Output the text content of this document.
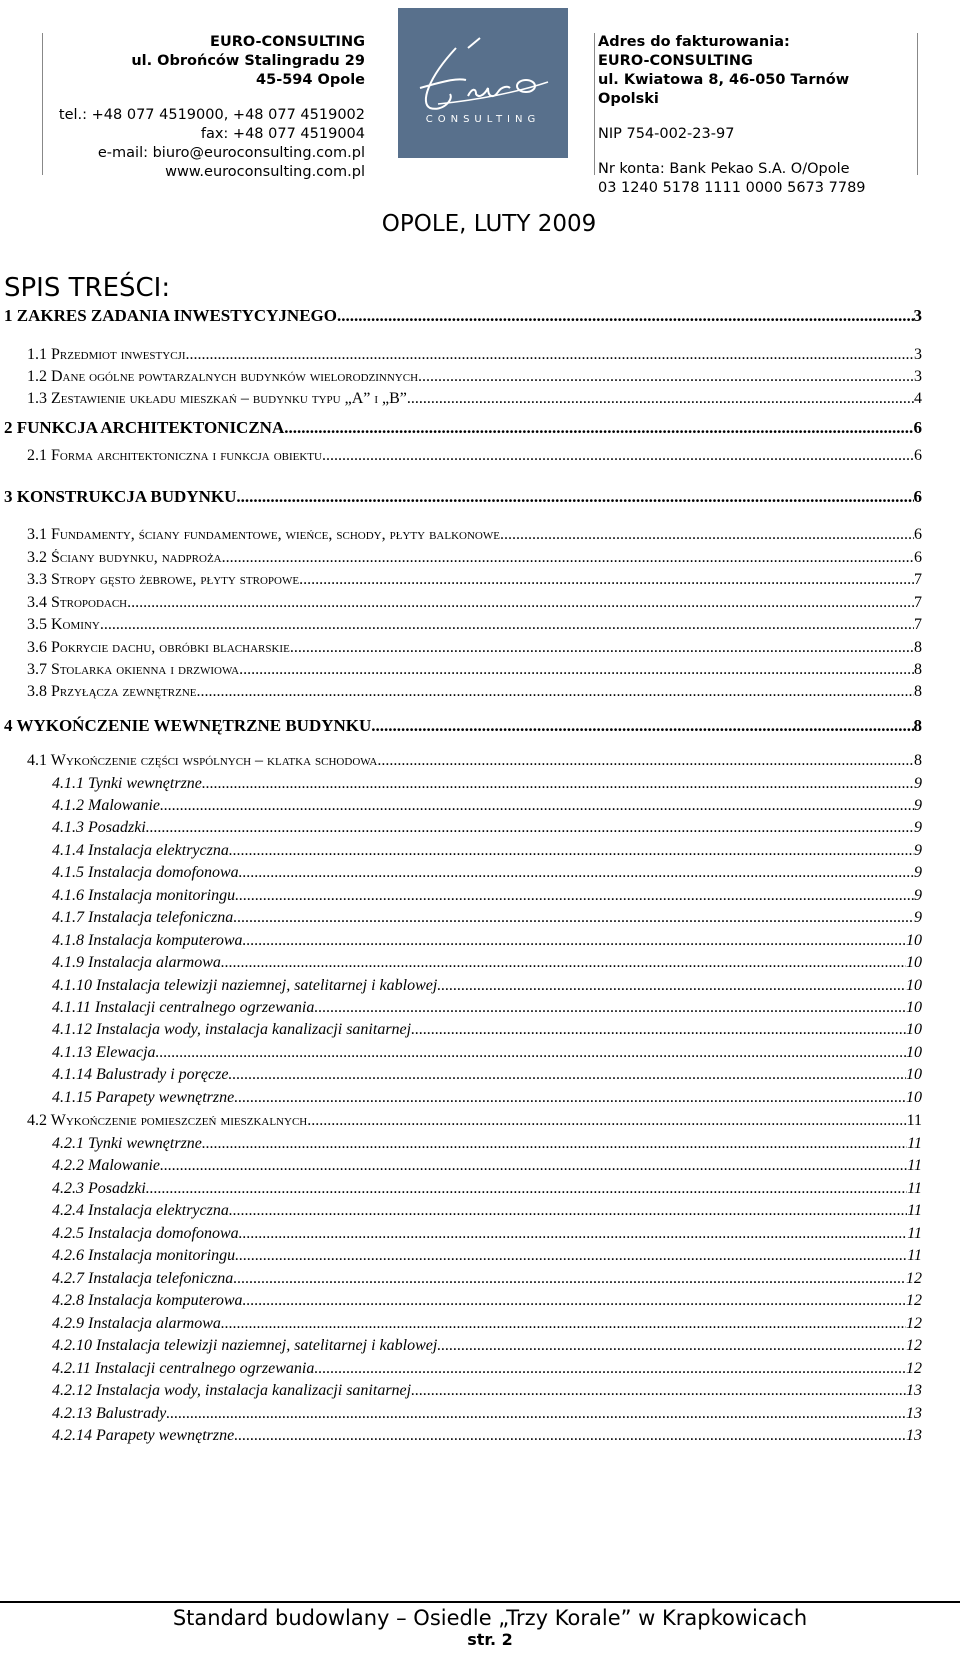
EURO-CONSULTING
ul. Obrońców Stalingradu 29
45-594 Opole
tel.: +48 077 4519000, +48 077 4519002
fax: +48 077 4519004
e-mail: biuro@euroconsulting.com.pl
www.euroconsulting.com.pl
CONSULTING
Adres do fakturowania:
EURO-CONSULTING
ul. Kwiatowa 8, 46-050 Tarnów Opolski
NIP 754-002-23-97
Nr konta: Bank Pekao S.A. O/Opole
03 1240 5178 1111 0000 5673 7789
OPOLE, LUTY 2009
SPIS TREŚCI:
1 ZAKRES ZADANIA INWESTYCYJNEGO .....	3
1.1 Przedmiot inwestycji .....	3
1.2 Dane ogólne powtarzalnych budynków wielorodzinnych .....	3
1.3 Zestawienie układu mieszkań – budynku typu „A” i „B” .....	4
2 FUNKCJA ARCHITEKTONICZNA .....	6
2.1 Forma architektoniczna i funkcja obiektu .....	6
3 KONSTRUKCJA BUDYNKU .....	6
3.1 Fundamenty, ściany fundamentowe, wieńce, schody, płyty balkonowe .....	6
3.2 Ściany budynku, nadproża .....	6
3.3 Stropy gęsto żebrowe, płyty stropowe .....	7
3.4 Stropodach .....	7
3.5 Kominy .....	7
3.6 Pokrycie dachu, obróbki blacharskie .....	8
3.7 Stolarka okienna i drzwiowa .....	8
3.8 Przyłącza zewnętrzne .....	8
4 WYKOŃCZENIE WEWNĘTRZNE BUDYNKU .....	8
4.1 Wykończenie części wspólnych – klatka schodowa .....	8
4.1.1 Tynki wewnętrzne .....	9
4.1.2 Malowanie .....	9
4.1.3 Posadzki .....	9
4.1.4 Instalacja elektryczna .....	9
4.1.5 Instalacja domofonowa .....	9
4.1.6 Instalacja monitoringu .....	9
4.1.7 Instalacja telefoniczna .....	9
4.1.8 Instalacja komputerowa .....	10
4.1.9 Instalacja alarmowa .....	10
4.1.10 Instalacja telewizji naziemnej, satelitarnej i kablowej .....	10
4.1.11 Instalacji centralnego ogrzewania .....	10
4.1.12 Instalacja wody, instalacja kanalizacji sanitarnej .....	10
4.1.13 Elewacja .....	10
4.1.14 Balustrady i poręcze .....	10
4.1.15 Parapety wewnętrzne .....	10
4.2 Wykończenie pomieszczeń mieszkalnych .....	11
4.2.1 Tynki wewnętrzne .....	11
4.2.2 Malowanie .....	11
4.2.3 Posadzki .....	11
4.2.4 Instalacja elektryczna .....	11
4.2.5 Instalacja domofonowa .....	11
4.2.6 Instalacja monitoringu .....	11
4.2.7 Instalacja telefoniczna .....	12
4.2.8 Instalacja komputerowa .....	12
4.2.9 Instalacja alarmowa .....	12
4.2.10 Instalacja telewizji naziemnej, satelitarnej i kablowej .....	12
4.2.11 Instalacji centralnego ogrzewania .....	12
4.2.12 Instalacja wody, instalacja kanalizacji sanitarnej .....	13
4.2.13 Balustrady .....	13
4.2.14 Parapety wewnętrzne .....	13
Standard budowlany – Osiedle „Trzy Korale” w Krapkowicach
str. 2
